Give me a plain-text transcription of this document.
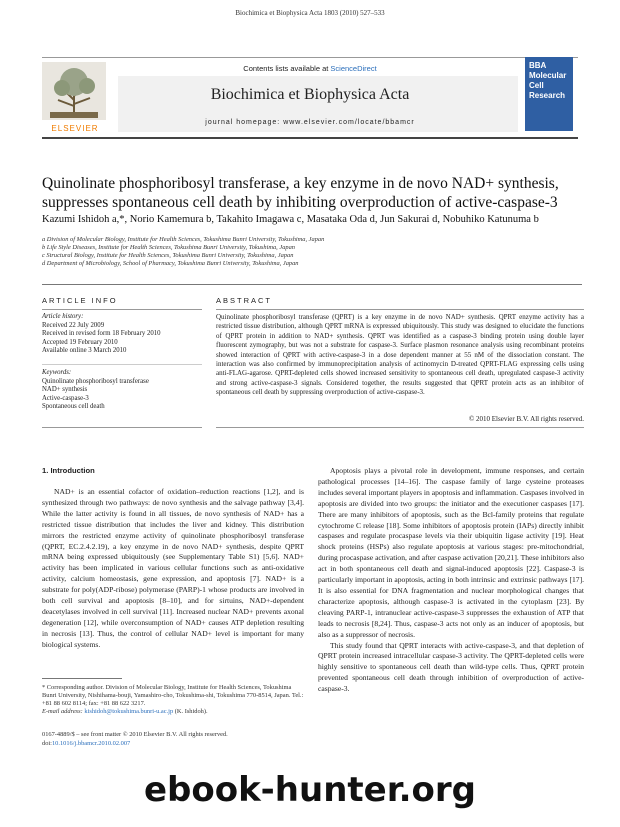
Biochimica et Biophysica Acta 1803 (2010) 527–533
ELSEVIER
Contents lists available at ScienceDirect
Biochimica et Biophysica Acta
journal homepage: www.elsevier.com/locate/bbamcr
BBA Molecular Cell Research
Quinolinate phosphoribosyl transferase, a key enzyme in de novo NAD+ synthesis,
suppresses spontaneous cell death by inhibiting overproduction of active-caspase-3
Kazumi Ishidoh a,*, Norio Kamemura b, Takahito Imagawa c, Masataka Oda d, Jun Sakurai d, Nobuhiko Katunuma b
a Division of Molecular Biology, Institute for Health Sciences, Tokushima Bunri University, Tokushima, Japan
b Life Style Diseases, Institute for Health Sciences, Tokushima Bunri University, Tokushima, Japan
c Structural Biology, Institute for Health Sciences, Tokushima Bunri University, Tokushima, Japan
d Department of Microbiology, School of Pharmacy, Tokushima Bunri University, Tokushima, Japan
ARTICLE INFO
Article history:
Received 22 July 2009
Received in revised form 18 February 2010
Accepted 19 February 2010
Available online 3 March 2010
Keywords:
Quinolinate phosphoribosyl transferase
NAD+ synthesis
Active-caspase-3
Spontaneous cell death
ABSTRACT
Quinolinate phosphoribosyl transferase (QPRT) is a key enzyme in de novo NAD+ synthesis. QPRT enzyme activity has a restricted tissue distribution, although QPRT mRNA is expressed ubiquitously. This study was designed to elucidate the functions of QPRT protein in addition to NAD+ synthesis. QPRT was identified as a caspase-3 binding protein using double layer fluorescent zymography, but was not a substrate for caspase-3. Surface plasmon resonance analysis using recombinant proteins showed interaction of QPRT with active-caspase-3 in a dose dependent manner at 55 nM of the dissociation constant. The interaction was also confirmed by immunoprecipitation analysis of actinomycin D-treated QPRT-FLAG expressing cells using anti-FLAG-agarose. QPRT-depleted cells showed increased sensitivity to spontaneous cell death, upregulated caspase-3 activity and strong active-caspase-3 signals. Considered together, the results suggested that QPRT protein acts as an inhibitor of spontaneous cell death by suppressing overproduction of active-caspase-3.
© 2010 Elsevier B.V. All rights reserved.
1. Introduction

NAD+ is an essential cofactor of oxidation–reduction reactions [1,2], and is synthesized through two pathways: de novo synthesis and the salvage pathway [3,4]. While the latter activity is found in all tissues, de novo synthesis of NAD+ has a restricted tissue distribution that includes the liver and kidney. This distribution mirrors the restricted enzyme activity of quinolinate phosphoribosyl transferase (QPRT, EC.2.4.2.19), a key enzyme in de novo NAD+ synthesis, despite QPRT mRNA being expressed ubiquitously (see Supplementary Table S1) [5,6]. NAD+ activity has been implicated in various cellular functions such as anti-oxidative activity, calcium homeostasis, gene expression, and apoptosis [7]. NAD+ is a substrate for poly(ADP-ribose) polymerase (PARP)-1 whose products are involved in both cell survival and apoptosis [8–10], and for sirtuins, NAD+-dependent deacetylases involved in cell survival [11]. Increased nuclear NAD+ prevents axonal degeneration [12], while overconsumption of NAD+ causes ATP depletion resulting in necrosis [13]. Thus, the control of cellular NAD+ level is important for many biological systems.

Apoptosis plays a pivotal role in development, immune responses, and certain pathological processes [14–16]. The caspase family of large cysteine proteases includes several important players in apoptosis and inflammation. Caspases involved in apoptosis are divided into two groups: the initiator and the executioner caspases [17]. There are many inhibitors of apoptosis, such as the Bcl-family proteins that regulate cytochrome C release [18]. Some inhibitors of apoptosis protein (IAPs) directly inhibit caspases and regulate procaspase levels via their ubiquitin ligase activity [19]. Heat shock proteins (HSPs) also regulate apoptosis at various stages: pre-mitochondrial, during procaspase activation, and after caspase activation [20,21]. These inhibitors also act in both spontaneous cell death and signal-induced apoptosis [22]. Caspase-3 is particularly important in apoptosis, acting in both intrinsic and extrinsic pathways [17]. It is also essential for DNA fragmentation and nuclear morphological changes that characterize apoptosis, although caspase-3 is activated in the cytoplasm [23]. By cleaving PARP-1, intranuclear active-caspase-3 suppresses the exhaustion of ATP that leads to necrosis [8,24]. Thus, caspase-3 acts not only as an inducer of apoptosis, but also as a suppressor of necrosis.

This study found that QPRT interacts with active-caspase-3, and that depletion of QPRT protein increased intracellular caspase-3 activity. The QPRT-depleted cells were highly sensitive to spontaneous cell death than wild-type cells. Thus, QPRT protein prevented spontaneous cell death through inhibition of overproduction of active-caspase-3.

* Corresponding author. Division of Molecular Biology, Institute for Health Sciences, Tokushima Bunri University, Nishihama-bouji, Yamashiro-cho, Tokushima-shi, Tokushima 770-8514, Japan. Tel.: +81 88 602 8114; fax: +81 88 622 3217.
E-mail address: kishidoh@tokushima.bunri-u.ac.jp (K. Ishidoh).
0167-4889/$ – see front matter © 2010 Elsevier B.V. All rights reserved.
doi:10.1016/j.bbamcr.2010.02.007
ebook-hunter.org
